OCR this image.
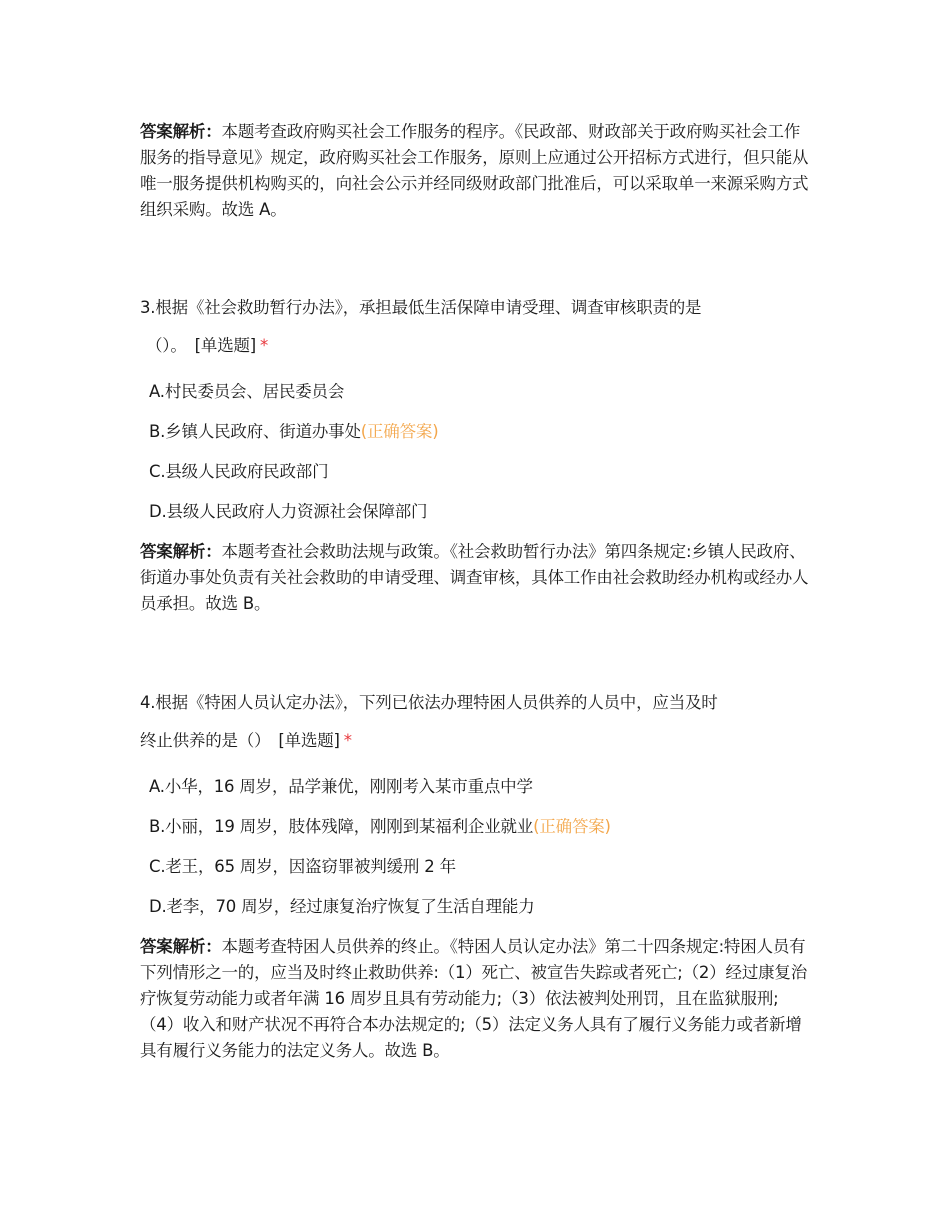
答案解析：本题考查政府购买社会工作服务的程序。《民政部、财政部关于政府购买社会工作服务的指导意见》规定，政府购买社会工作服务，原则上应通过公开招标方式进行，但只能从唯一服务提供机构购买的，向社会公示并经同级财政部门批准后，可以采取单一来源采购方式组织采购。故选 A。
3.根据《社会救助暂行办法》，承担最低生活保障申请受理、调查审核职责的是
（）。 [单选题] *
A.村民委员会、居民委员会
B.乡镇人民政府、街道办事处(正确答案)
C.县级人民政府民政部门
D.县级人民政府人力资源社会保障部门
答案解析：本题考查社会救助法规与政策。《社会救助暂行办法》第四条规定:乡镇人民政府、街道办事处负责有关社会救助的申请受理、调查审核，具体工作由社会救助经办机构或经办人员承担。故选 B。
4.根据《特困人员认定办法》，下列已依法办理特困人员供养的人员中，应当及时
终止供养的是（） [单选题] *
A.小华，16 周岁，品学兼优，刚刚考入某市重点中学
B.小丽，19 周岁，肢体残障，刚刚到某福利企业就业(正确答案)
C.老王，65 周岁，因盗窃罪被判缓刑 2 年
D.老李，70 周岁，经过康复治疗恢复了生活自理能力
答案解析：本题考查特困人员供养的终止。《特困人员认定办法》第二十四条规定:特困人员有下列情形之一的，应当及时终止救助供养:（1）死亡、被宣告失踪或者死亡;（2）经过康复治疗恢复劳动能力或者年满 16 周岁且具有劳动能力;（3）依法被判处刑罚，且在监狱服刑;（4）收入和财产状况不再符合本办法规定的;（5）法定义务人具有了履行义务能力或者新增具有履行义务能力的法定义务人。故选 B。
